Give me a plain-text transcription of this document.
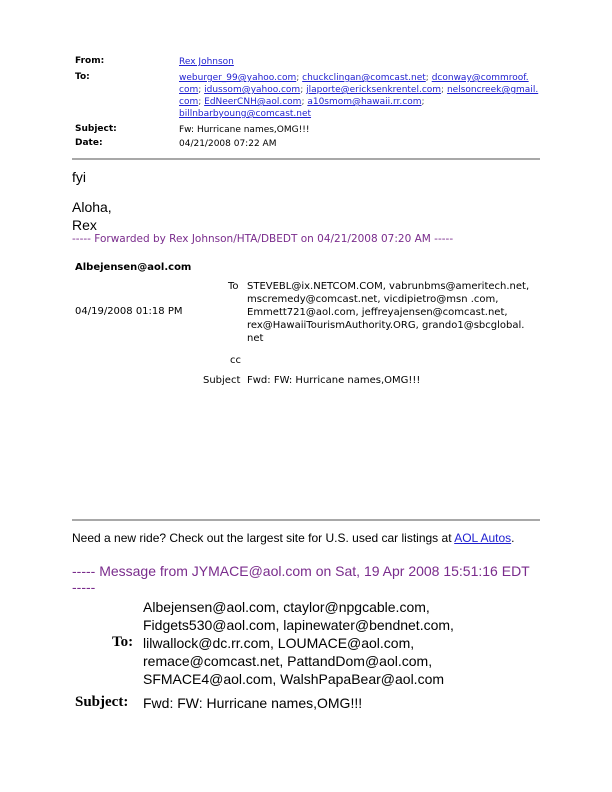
From:	Rex Johnson
To:	weburger_99@yahoo.com; chuckclingan@comcast.net; dconway@commroof.
com; idussom@yahoo.com; jlaporte@ericksenkrentel.com; nelsoncreek@gmail.
com; EdNeerCNH@aol.com; a10smom@hawaii.rr.com;
billnbarbyoung@comcast.net
Subject:	Fw: Hurricane names,OMG!!!
Date:	04/21/2008 07:22 AM
fyi
Aloha,
Rex
----- Forwarded by Rex Johnson/HTA/DBEDT on 04/21/2008 07:20 AM -----
Albejensen@aol.com
04/19/2008 01:18 PM
To STEVEBL@ix.NETCOM.COM, vabrunbms@ameritech.net,
mscremedy@comcast.net, vicdipietro@msn .com,
Emmett721@aol.com, jeffreyajensen@comcast.net,
rex@HawaiiTourismAuthority.ORG, grando1@sbcglobal.
net
cc
Subject Fwd: FW: Hurricane names,OMG!!!
Need a new ride? Check out the largest site for U.S. used car listings at AOL Autos.
----- Message from JYMACE@aol.com on Sat, 19 Apr 2008 15:51:16 EDT
-----
To:
Albejensen@aol.com, ctaylor@npgcable.com,
Fidgets530@aol.com, lapinewater@bendnet.com,
lilwallock@dc.rr.com, LOUMACE@aol.com,
remace@comcast.net, PattandDom@aol.com,
SFMACE4@aol.com, WalshPapaBear@aol.com
Subject: Fwd: FW: Hurricane names,OMG!!!
